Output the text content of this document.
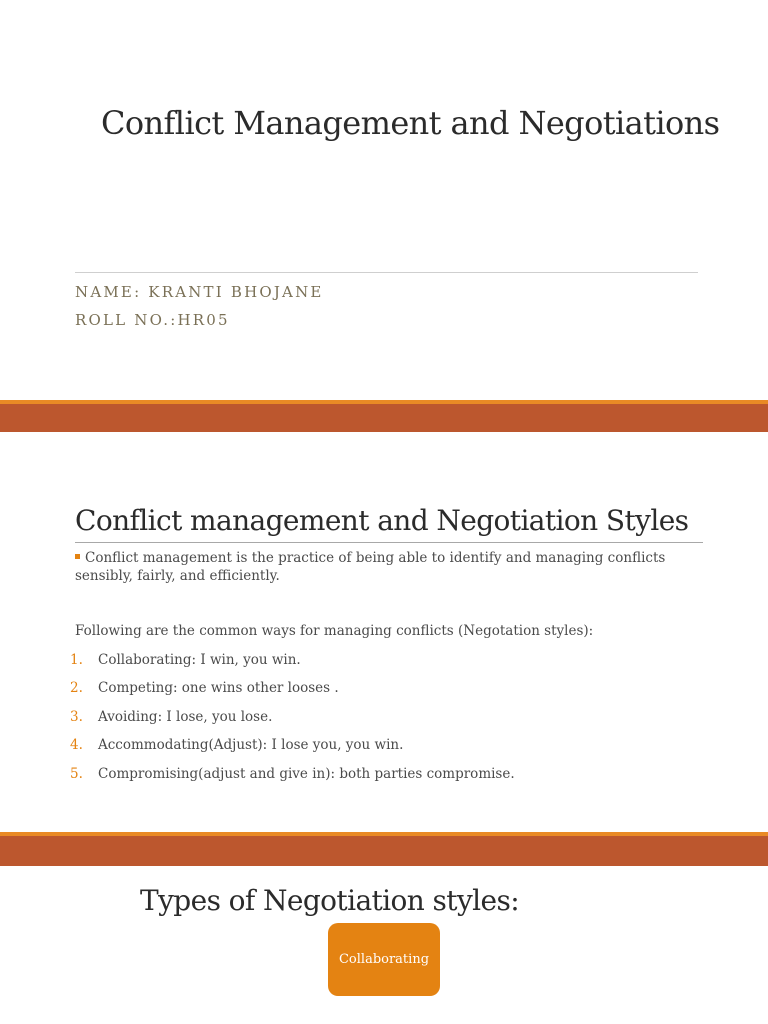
Conflict Management and Negotiations
NAME: KRANTI BHOJANE
ROLL NO.:HR05
Conflict management and Negotiation Styles
Conflict management is the practice of being able to identify and managing conflicts sensibly, fairly, and efficiently.
Following are the common ways for managing conflicts (Negotation styles):
1. Collaborating: I win, you win.
2. Competing: one wins other looses .
3. Avoiding: I lose, you lose.
4. Accommodating(Adjust): I lose you, you win.
5. Compromising(adjust and give in): both parties compromise.
Types of Negotiation styles:
Collaborating
